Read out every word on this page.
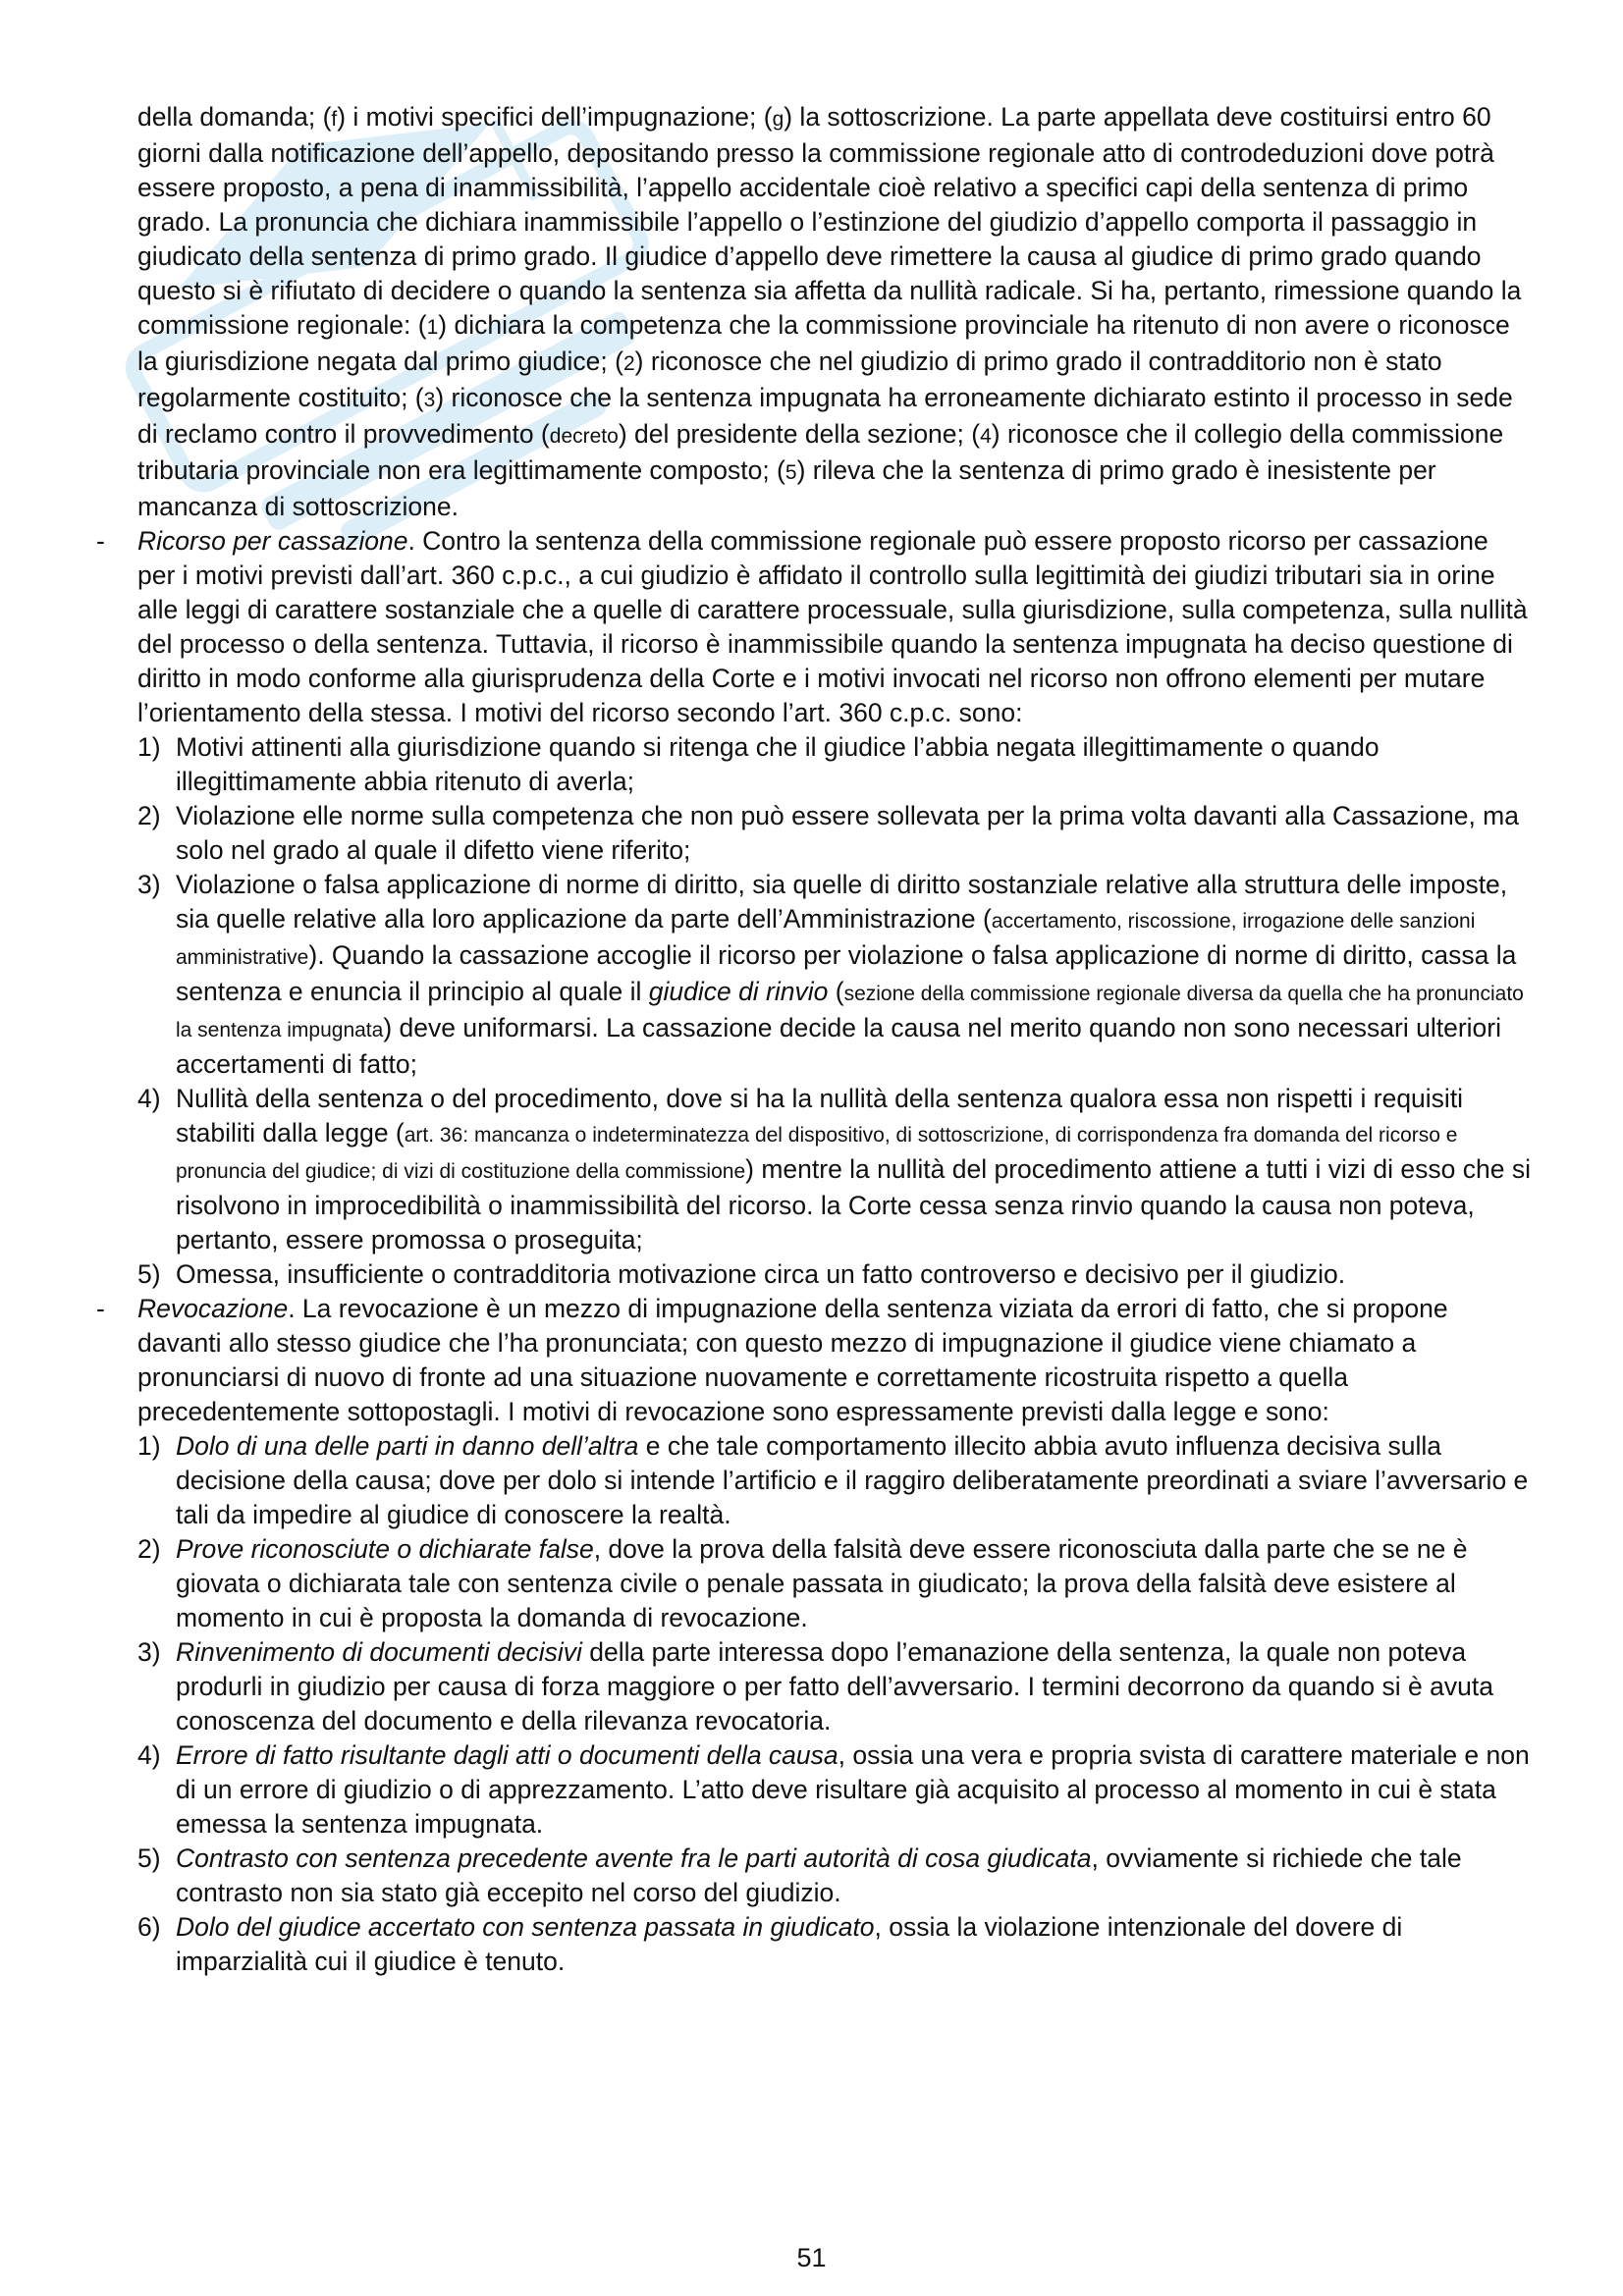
della domanda; (f) i motivi specifici dell’impugnazione; (g) la sottoscrizione. La parte appellata deve costituirsi entro 60 giorni dalla notificazione dell’appello, depositando presso la commissione regionale atto di controdeduzioni dove potrà essere proposto, a pena di inammissibilità, l’appello accidentale cioè relativo a specifici capi della sentenza di primo grado. La pronuncia che dichiara inammissibile l’appello o l’estinzione del giudizio d’appello comporta il passaggio in giudicato della sentenza di primo grado. Il giudice d’appello deve rimettere la causa al giudice di primo grado quando questo si è rifiutato di decidere o quando la sentenza sia affetta da nullità radicale. Si ha, pertanto, rimessione quando la commissione regionale: (1) dichiara la competenza che la commissione provinciale ha ritenuto di non avere o riconosce la giurisdizione negata dal primo giudice; (2) riconosce che nel giudizio di primo grado il contradditorio non è stato regolarmente costituito; (3) riconosce che la sentenza impugnata ha erroneamente dichiarato estinto il processo in sede di reclamo contro il provvedimento (decreto) del presidente della sezione; (4) riconosce che il collegio della commissione tributaria provinciale non era legittimamente composto; (5) rileva che la sentenza di primo grado è inesistente per mancanza di sottoscrizione.

- Ricorso per cassazione. Contro la sentenza della commissione regionale può essere proposto ricorso per cassazione per i motivi previsti dall’art. 360 c.p.c., a cui giudizio è affidato il controllo sulla legittimità dei giudizi tributari sia in orine alle leggi di carattere sostanziale che a quelle di carattere processuale, sulla giurisdizione, sulla competenza, sulla nullità del processo o della sentenza. Tuttavia, il ricorso è inammissibile quando la sentenza impugnata ha deciso questione di diritto in modo conforme alla giurisprudenza della Corte e i motivi invocati nel ricorso non offrono elementi per mutare l’orientamento della stessa. I motivi del ricorso secondo l’art. 360 c.p.c. sono:

1) Motivi attinenti alla giurisdizione quando si ritenga che il giudice l’abbia negata illegittimamente o quando illegittimamente abbia ritenuto di averla;
2) Violazione elle norme sulla competenza che non può essere sollevata per la prima volta davanti alla Cassazione, ma solo nel grado al quale il difetto viene riferito;
3) Violazione o falsa applicazione di norme di diritto, sia quelle di diritto sostanziale relative alla struttura delle imposte, sia quelle relative alla loro applicazione da parte dell’Amministrazione (accertamento, riscossione, irrogazione delle sanzioni amministrative). Quando la cassazione accoglie il ricorso per violazione o falsa applicazione di norme di diritto, cassa la sentenza e enuncia il principio al quale il giudice di rinvio (sezione della commissione regionale diversa da quella che ha pronunciato la sentenza impugnata) deve uniformarsi. La cassazione decide la causa nel merito quando non sono necessari ulteriori accertamenti di fatto;
4) Nullità della sentenza o del procedimento, dove si ha la nullità della sentenza qualora essa non rispetti i requisiti stabiliti dalla legge (art. 36: mancanza o indeterminatezza del dispositivo, di sottoscrizione, di corrispondenza fra domanda del ricorso e pronuncia del giudice; di vizi di costituzione della commissione) mentre la nullità del procedimento attiene a tutti i vizi di esso che si risolvono in improcedibilità o inammissibilità del ricorso. la Corte cessa senza rinvio quando la causa non poteva, pertanto, essere promossa o proseguita;
5) Omessa, insufficiente o contradditoria motivazione circa un fatto controverso e decisivo per il giudizio.
- Revocazione. La revocazione è un mezzo di impugnazione della sentenza viziata da errori di fatto, che si propone davanti allo stesso giudice che l’ha pronunciata; con questo mezzo di impugnazione il giudice viene chiamato a pronunciarsi di nuovo di fronte ad una situazione nuovamente e correttamente ricostruita rispetto a quella precedentemente sottopostagli. I motivi di revocazione sono espressamente previsti dalla legge e sono:

1) Dolo di una delle parti in danno dell’altra e che tale comportamento illecito abbia avuto influenza decisiva sulla decisione della causa; dove per dolo si intende l’artificio e il raggiro deliberatamente preordinati a sviare l’avversario e tali da impedire al giudice di conoscere la realtà.
2) Prove riconosciute o dichiarate false, dove la prova della falsità deve essere riconosciuta dalla parte che se ne è giovata o dichiarata tale con sentenza civile o penale passata in giudicato; la prova della falsità deve esistere al momento in cui è proposta la domanda di revocazione.
3) Rinvenimento di documenti decisivi della parte interessa dopo l’emanazione della sentenza, la quale non poteva produrli in giudizio per causa di forza maggiore o per fatto dell’avversario. I termini decorrono da quando si è avuta conoscenza del documento e della rilevanza revocatoria.
4) Errore di fatto risultante dagli atti o documenti della causa, ossia una vera e propria svista di carattere materiale e non di un errore di giudizio o di apprezzamento. L’atto deve risultare già acquisito al processo al momento in cui è stata emessa la sentenza impugnata.
5) Contrasto con sentenza precedente avente fra le parti autorità di cosa giudicata, ovviamente si richiede che tale contrasto non sia stato già eccepito nel corso del giudizio.
6) Dolo del giudice accertato con sentenza passata in giudicato, ossia la violazione intenzionale del dovere di imparzialità cui il giudice è tenuto.
51
